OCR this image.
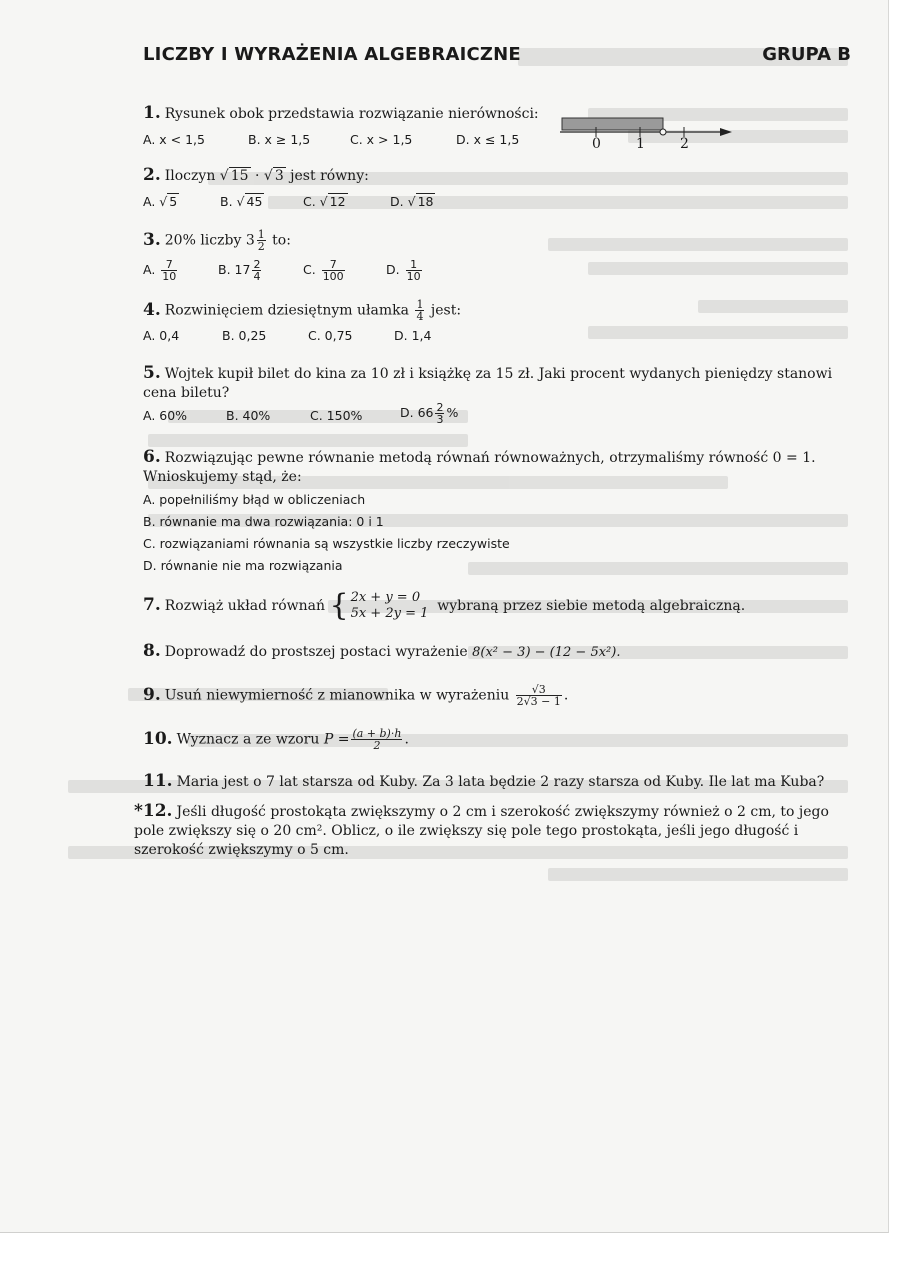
LICZBY I WYRAŻENIA ALGEBRAICZNE	GRUPA B
1. Rysunek obok przedstawia rozwiązanie nierówności:
A. x < 1,5	B. x ≥ 1,5	C. x > 1,5	D. x ≤ 1,5	0	1	2
2. Iloczyn √ 15 · √ 3 jest równy:
A. √ 5	B. √ 45	C. √ 12	D. √ 18
3. 20% liczby $3 \frac{1}{2}$ to:
A. $\frac{7}{10}$	B. $17 \frac{2}{4}$	C. $\frac{7}{100}$	D. $\frac{1}{10}$
4. Rozwinięciem dziesiętnym ułamka $\frac{1}{4}$ jest:
A. 0,4	B. 0,25	C. 0,75	D. 1,4
5. Wojtek kupił bilet do kina za 10 zł i książkę za 15 zł. Jaki procent wydanych pieniędzy stanowi cena biletu?
A. 60%	B. 40%	C. 150%	D. $66 \frac{2}{3}$ %
6. Rozwiązując pewne równanie metodą równań równoważnych, otrzymaliśmy równość 0 = 1. Wnioskujemy stąd, że:
A. popełniliśmy błąd w obliczeniach
B. równanie ma dwa rozwiązania: 0 i 1
C. rozwiązaniami równania są wszystkie liczby rzeczywiste
D. równanie nie ma rozwiązania
7. Rozwiąż układ równań { 2x + y = 0
5x + 2y = 1 wybraną przez siebie metodą algebraiczną.
8. Doprowadź do prostszej postaci wyrażenie 8(x² − 3) − (12 − 5x²).
9. Usuń niewymierność z mianownika w wyrażeniu $\frac{√3}{2√3 - 1}$ .
10. Wyznacz a ze wzoru $P = \frac{(a + b)\cdot h}{2}$ .
11. Maria jest o 7 lat starsza od Kuby. Za 3 lata będzie 2 razy starsza od Kuby. Ile lat ma Kuba?
*12. Jeśli długość prostokąta zwiększymy o 2 cm i szerokość zwiększymy również o 2 cm, to jego pole zwiększy się o 20 cm². Oblicz, o ile zwiększy się pole tego prostokąta, jeśli jego długość i szerokość zwiększymy o 5 cm.
